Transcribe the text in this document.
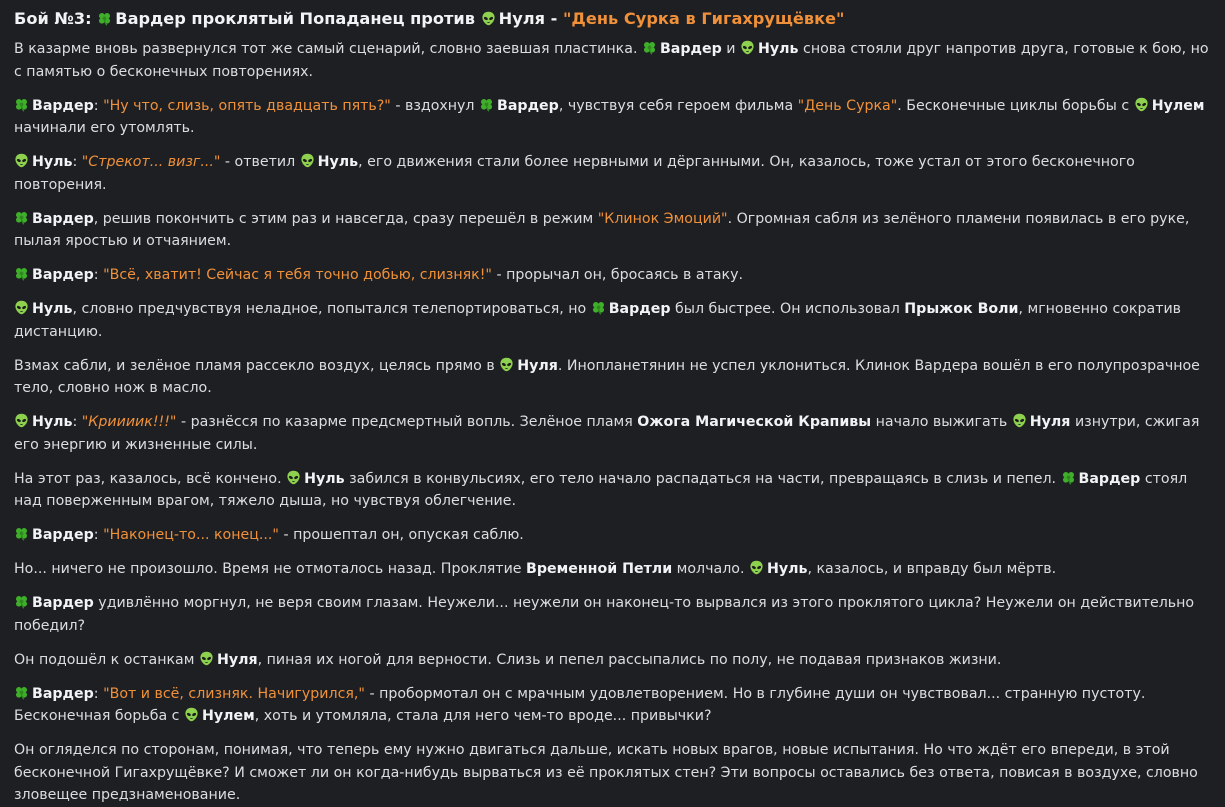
Бой №3: Вардер проклятый Попаданец против Нуля - "День Сурка в Гигахрущёвке"

В казарме вновь развернулся тот же самый сценарий, словно заевшая пластинка. Вардер и Нуль снова стояли друг напротив друга, готовые к бою, но с памятью о бесконечных повторениях.

Вардер: "Ну что, слизь, опять двадцать пять?" - вздохнул Вардер, чувствуя себя героем фильма "День Сурка". Бесконечные циклы борьбы с Нулем начинали его утомлять.

Нуль: "Стрекот... визг..." - ответил Нуль, его движения стали более нервными и дёрганными. Он, казалось, тоже устал от этого бесконечного повторения.

Вардер, решив покончить с этим раз и навсегда, сразу перешёл в режим "Клинок Эмоций". Огромная сабля из зелёного пламени появилась в его руке, пылая яростью и отчаянием.

Вардер: "Всё, хватит! Сейчас я тебя точно добью, слизняк!" - прорычал он, бросаясь в атаку.

Нуль, словно предчувствуя неладное, попытался телепортироваться, но Вардер был быстрее. Он использовал Прыжок Воли, мгновенно сократив дистанцию.

Взмах сабли, и зелёное пламя рассекло воздух, целясь прямо в Нуля. Инопланетянин не успел уклониться. Клинок Вардера вошёл в его полупрозрачное тело, словно нож в масло.

Нуль: "Криииик!!!" - разнёсся по казарме предсмертный вопль. Зелёное пламя Ожога Магической Крапивы начало выжигать Нуля изнутри, сжигая его энергию и жизненные силы.

На этот раз, казалось, всё кончено. Нуль забился в конвульсиях, его тело начало распадаться на части, превращаясь в слизь и пепел. Вардер стоял над поверженным врагом, тяжело дыша, но чувствуя облегчение.

Вардер: "Наконец-то... конец..." - прошептал он, опуская саблю.

Но... ничего не произошло. Время не отмоталось назад. Проклятие Временной Петли молчало. Нуль, казалось, и вправду был мёртв.

Вардер удивлённо моргнул, не веря своим глазам. Неужели... неужели он наконец-то вырвался из этого проклятого цикла? Неужели он действительно победил?

Он подошёл к останкам Нуля, пиная их ногой для верности. Слизь и пепел рассыпались по полу, не подавая признаков жизни.

Вардер: "Вот и всё, слизняк. Начигурился," - пробормотал он с мрачным удовлетворением. Но в глубине души он чувствовал... странную пустоту. Бесконечная борьба с Нулем, хоть и утомляла, стала для него чем-то вроде... привычки?

Он огляделся по сторонам, понимая, что теперь ему нужно двигаться дальше, искать новых врагов, новые испытания. Но что ждёт его впереди, в этой бесконечной Гигахрущёвке? И сможет ли он когда-нибудь вырваться из её проклятых стен? Эти вопросы оставались без ответа, повисая в воздухе, словно зловещее предзнаменование.
